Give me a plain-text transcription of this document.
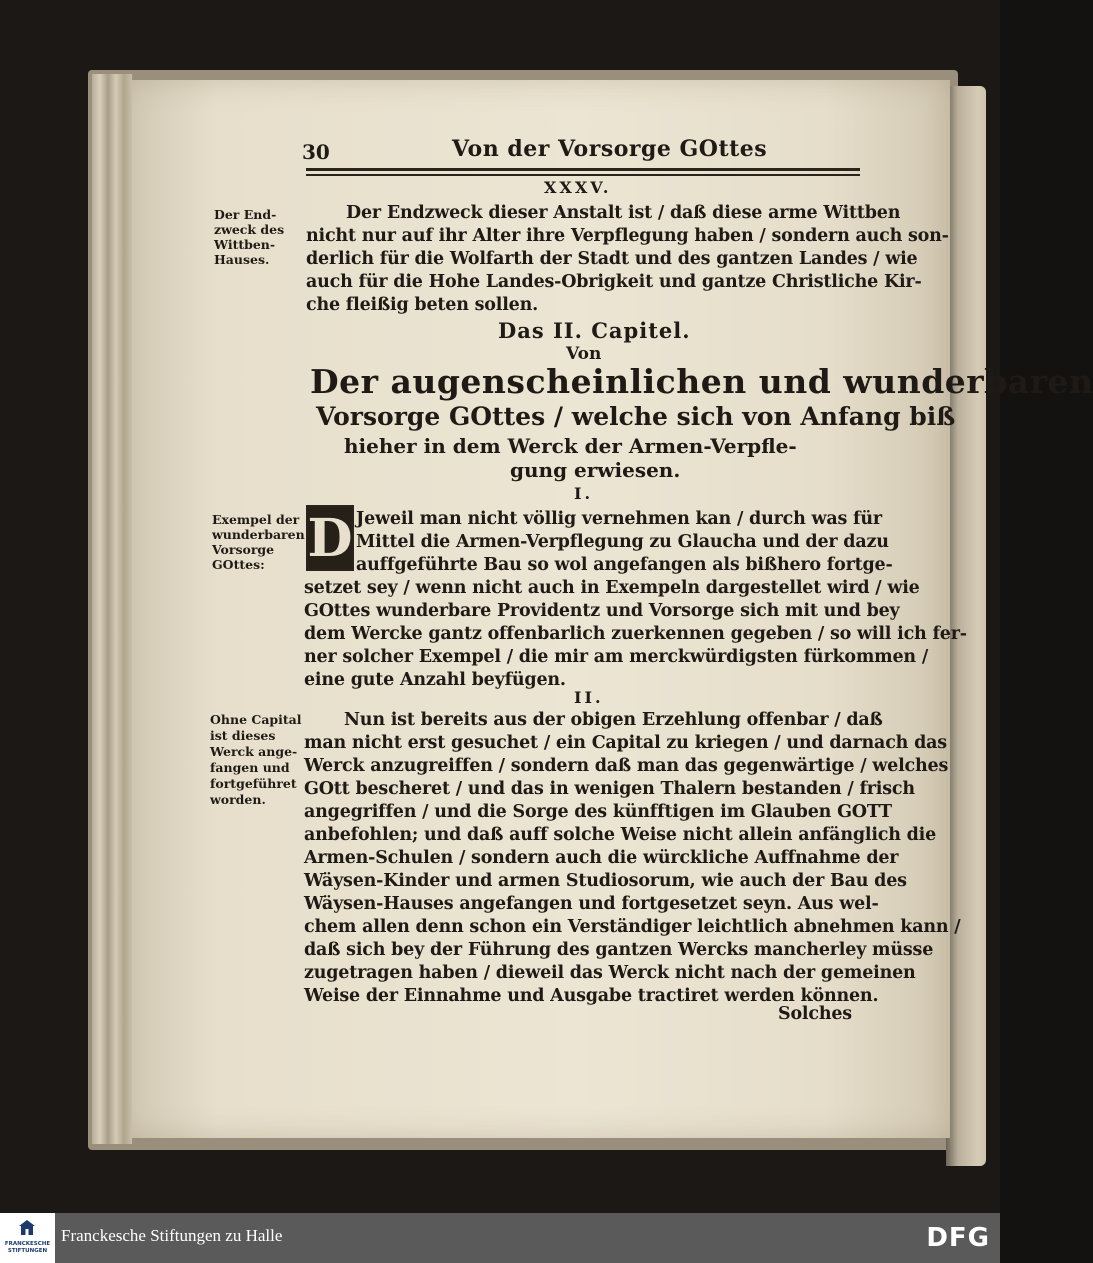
30	Von der Vorsorge GOttes
XXXV.
Der End-
zweck des
Wittben-
Hauses.
Der Endzweck dieser Anstalt ist / daß diese arme Wittben
nicht nur auf ihr Alter ihre Verpflegung haben / sondern auch son-
derlich für die Wolfarth der Stadt und des gantzen Landes / wie
auch für die Hohe Landes-Obrigkeit und gantze Christliche Kir-
che fleißig beten sollen.
Das II. Capitel.
Von
Der augenscheinlichen und wunderbaren
Vorsorge GOttes / welche sich von Anfang biß
hieher in dem Werck der Armen-Verpfle-
gung erwiesen.
I.
Exempel der
wunderbaren
Vorsorge
GOttes: D Jeweil man nicht völlig vernehmen kan / durch was für
Mittel die Armen-Verpflegung zu Glaucha und der dazu
auffgeführte Bau so wol angefangen als bißhero fortge-
setzet sey / wenn nicht auch in Exempeln dargestellet wird / wie
GOttes wunderbare Providentz und Vorsorge sich mit und bey
dem Wercke gantz offenbarlich zuerkennen gegeben / so will ich fer-
ner solcher Exempel / die mir am merckwürdigsten fürkommen /
eine gute Anzahl beyfügen.
II.
Ohne Capital
ist dieses
Werck ange-
fangen und
fortgeführet
worden.
Nun ist bereits aus der obigen Erzehlung offenbar / daß
man nicht erst gesuchet / ein Capital zu kriegen / und darnach das
Werck anzugreiffen / sondern daß man das gegenwärtige / welches
GOtt bescheret / und das in wenigen Thalern bestanden / frisch
angegriffen / und die Sorge des künfftigen im Glauben GOTT
anbefohlen; und daß auff solche Weise nicht allein anfänglich die
Armen-Schulen / sondern auch die würckliche Auffnahme der
Wäysen-Kinder und armen Studiosorum, wie auch der Bau des
Wäysen-Hauses angefangen und fortgesetzet seyn. Aus wel-
chem allen denn schon ein Verständiger leichtlich abnehmen kann /
daß sich bey der Führung des gantzen Wercks mancherley müsse
zugetragen haben / dieweil das Werck nicht nach der gemeinen
Weise der Einnahme und Ausgabe tractiret werden können.
Solches
FRANCKESCHE
STIFTUNGEN
Franckesche Stiftungen zu Halle	DFG
